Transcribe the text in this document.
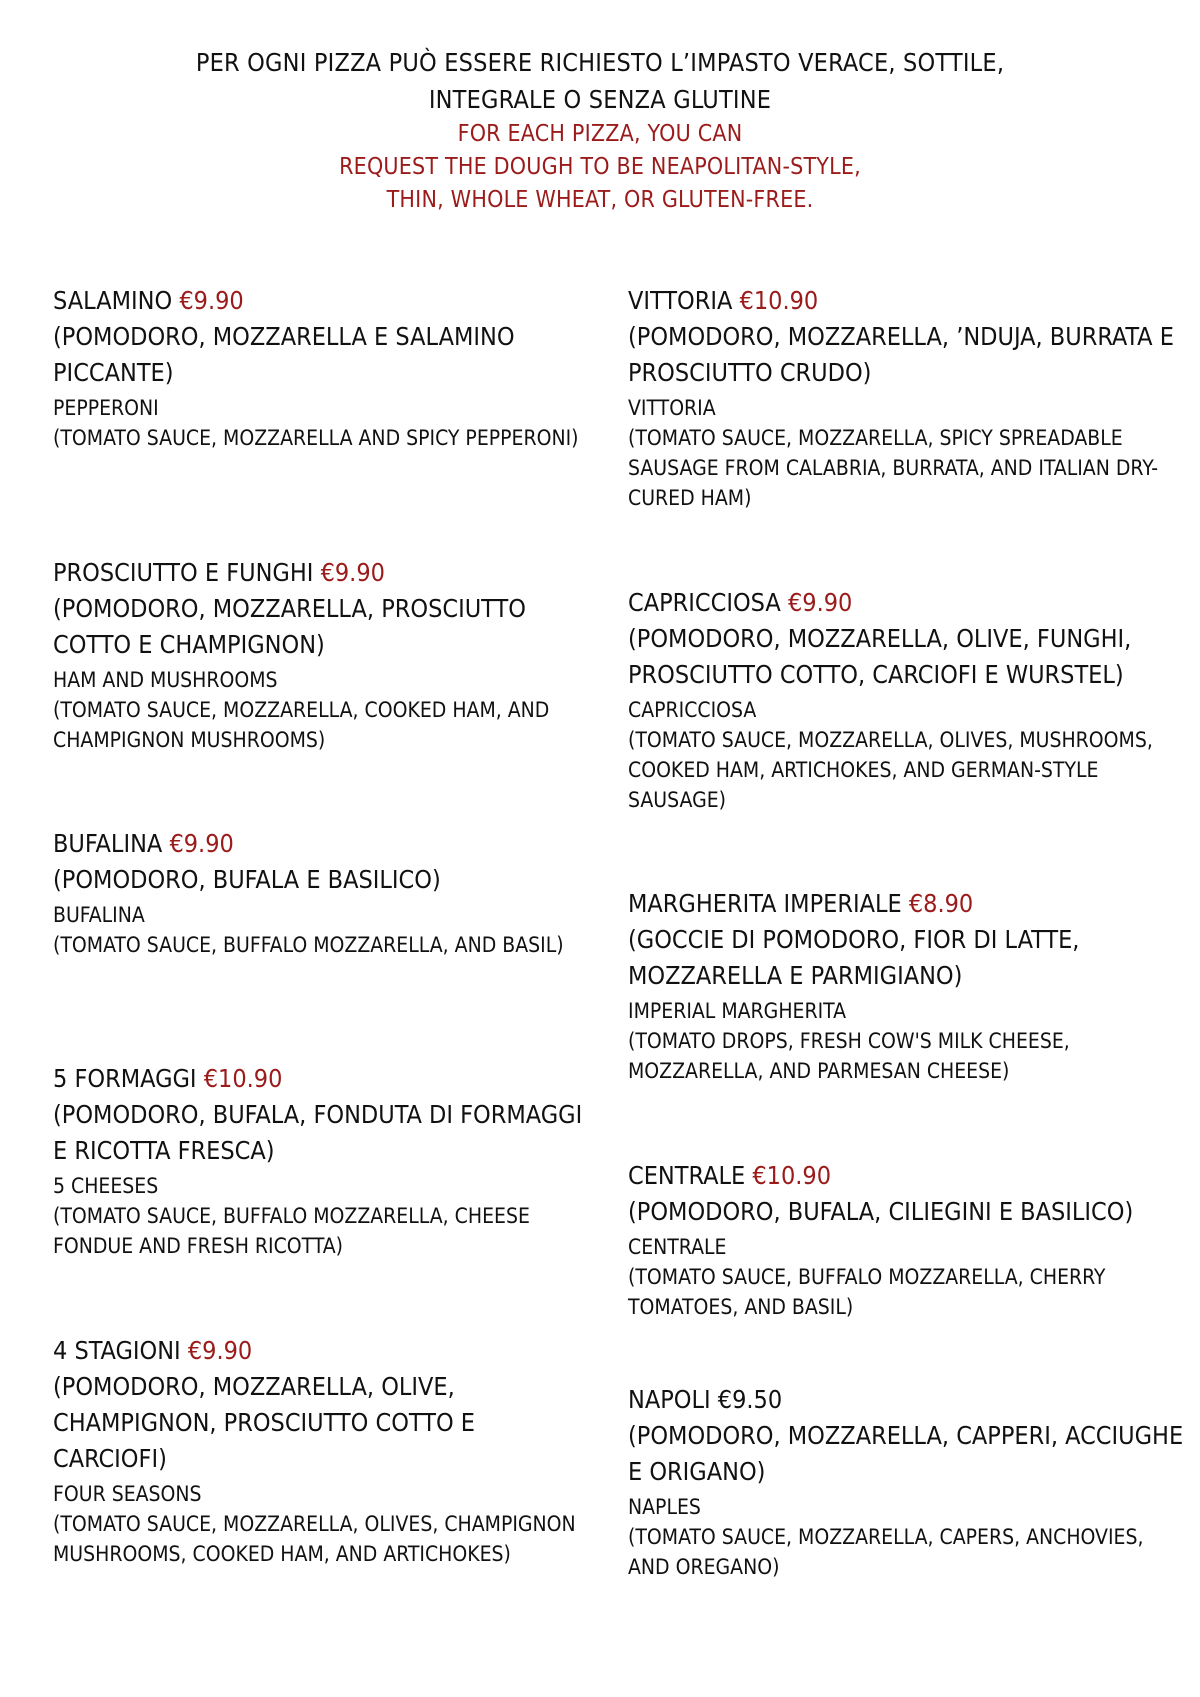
PER OGNI PIZZA PUÒ ESSERE RICHIESTO L’IMPASTO VERACE, SOTTILE,
INTEGRALE O SENZA GLUTINE
FOR EACH PIZZA, YOU CAN
REQUEST THE DOUGH TO BE NEAPOLITAN-STYLE,
THIN, WHOLE WHEAT, OR GLUTEN-FREE.
SALAMINO €9.90
(POMODORO, MOZZARELLA E SALAMINO PICCANTE)
PEPPERONI
(TOMATO SAUCE, MOZZARELLA AND SPICY PEPPERONI)
PROSCIUTTO E FUNGHI €9.90
(POMODORO, MOZZARELLA, PROSCIUTTO COTTO E CHAMPIGNON)
HAM AND MUSHROOMS
(TOMATO SAUCE, MOZZARELLA, COOKED HAM, AND CHAMPIGNON MUSHROOMS)
BUFALINA €9.90
(POMODORO, BUFALA E BASILICO)
BUFALINA
(TOMATO SAUCE, BUFFALO MOZZARELLA, AND BASIL)
5 FORMAGGI €10.90
(POMODORO, BUFALA, FONDUTA DI FORMAGGI E RICOTTA FRESCA)
5 CHEESES
(TOMATO SAUCE, BUFFALO MOZZARELLA, CHEESE FONDUE AND FRESH RICOTTA)
4 STAGIONI €9.90
(POMODORO, MOZZARELLA, OLIVE, CHAMPIGNON, PROSCIUTTO COTTO E CARCIOFI)
FOUR SEASONS
(TOMATO SAUCE, MOZZARELLA, OLIVES, CHAMPIGNON MUSHROOMS, COOKED HAM, AND ARTICHOKES)
VITTORIA €10.90
(POMODORO, MOZZARELLA, ’NDUJA, BURRATA E PROSCIUTTO CRUDO)
VITTORIA
(TOMATO SAUCE, MOZZARELLA, SPICY SPREADABLE SAUSAGE FROM CALABRIA, BURRATA, AND ITALIAN DRY-CURED HAM)
CAPRICCIOSA €9.90
(POMODORO, MOZZARELLA, OLIVE, FUNGHI, PROSCIUTTO COTTO, CARCIOFI E WURSTEL)
CAPRICCIOSA
(TOMATO SAUCE, MOZZARELLA, OLIVES, MUSHROOMS, COOKED HAM, ARTICHOKES, AND GERMAN-STYLE SAUSAGE)
MARGHERITA IMPERIALE €8.90
(GOCCIE DI POMODORO, FIOR DI LATTE, MOZZARELLA E PARMIGIANO)
IMPERIAL MARGHERITA
(TOMATO DROPS, FRESH COW'S MILK CHEESE, MOZZARELLA, AND PARMESAN CHEESE)
CENTRALE €10.90
(POMODORO, BUFALA, CILIEGINI E BASILICO)
CENTRALE
(TOMATO SAUCE, BUFFALO MOZZARELLA, CHERRY TOMATOES, AND BASIL)
NAPOLI €9.50
(POMODORO, MOZZARELLA, CAPPERI, ACCIUGHE E ORIGANO)
NAPLES
(TOMATO SAUCE, MOZZARELLA, CAPERS, ANCHOVIES, AND OREGANO)
